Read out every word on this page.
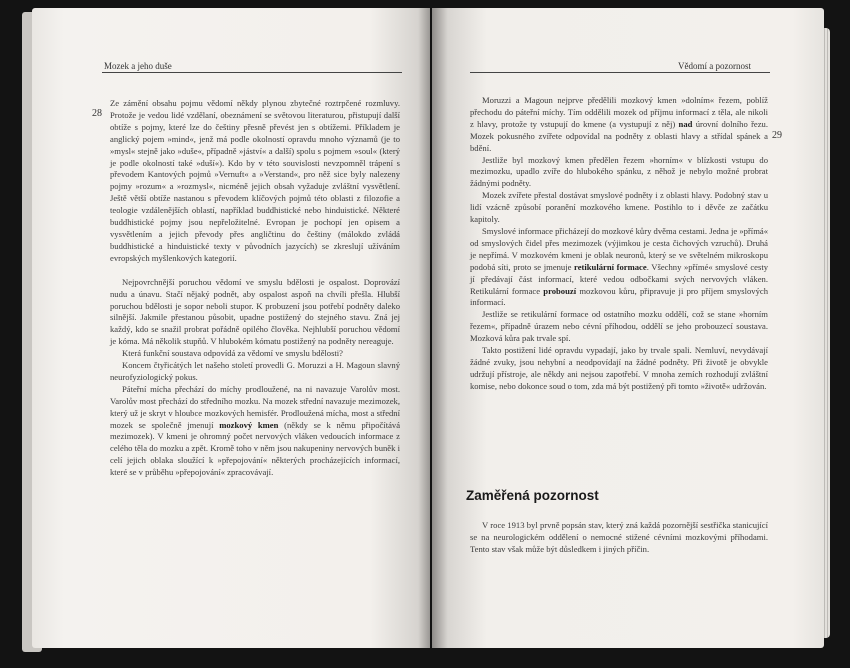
Mozek a jeho duše
28

Ze zámění obsahu pojmu vědomí někdy plynou zbytečné roztrpčené rozmluvy. Protože je vedou lidé vzdělaní, obeznámení se světovou literaturou, přistupují další obtíže s pojmy, které lze do češtiny přesně převést jen s obtížemi. Příkladem je anglický pojem »mind«, jenž má podle okolností opravdu mnoho významů (je to »mysl« stejně jako »duše«, případně »jáství« a další) spolu s pojmem »soul« (který je podle okolností také »duší«). Kdo by v této souvislosti nevzpomněl trápení s převodem Kantových pojmů »Vernuft« a »Verstand«, pro něž sice byly nalezeny pojmy »rozum« a »rozmysl«, nicméně jejich obsah vyžaduje zvláštní vysvětlení. Ještě větší obtíže nastanou s převodem klíčových pojmů této oblasti z filozofie a teologie vzdálenějších oblastí, například buddhistické nebo hinduistické. Některé buddhistické pojmy jsou nepřeložitelné. Evropan je pochopí jen opisem a vysvětlením a jejich převody přes angličtinu do češtiny (málokdo zvládá buddhistické a hinduistické texty v původních jazycích) se zkreslují užíváním evropských myšlenkových kategorií.

Nejpovrchnější poruchou vědomí ve smyslu bdělosti je ospalost. Doprovází nudu a únavu. Stačí nějaký podnět, aby ospalost aspoň na chvíli přešla. Hlubší poruchou bdělosti je sopor neboli stupor. K probuzení jsou potřebí podněty daleko silnější. Jakmile přestanou působit, upadne postižený do stejného stavu. Zná jej každý, kdo se snažil probrat pořádně opilého člověka. Nejhlubší poruchou vědomí je kóma. Má několik stupňů. V hlubokém kómatu postižený na podněty nereaguje.

Která funkční soustava odpovídá za vědomí ve smyslu bdělosti?

Koncem čtyřicátých let našeho století provedli G. Moruzzi a H. Magoun slavný neurofyziologický pokus.

Páteřní mícha přechází do míchy prodloužené, na ni navazuje Varolův most. Varolův most přechází do středního mozku. Na mozek střední navazuje mezimozek, který už je skryt v hloubce mozkových hemisfér. Prodloužená mícha, most a střední mozek se společně jmenují mozkový kmen (někdy se k němu připočítává mezimozek). V kmeni je ohromný počet nervových vláken vedoucích informace z celého těla do mozku a zpět. Kromě toho v něm jsou nakupeniny nervových buněk i celí jejich oblaka sloužící k »přepojování« některých procházejících informací, které se v průběhu »přepojování« zpracovávají.

Vědomí a pozornost
29

Moruzzi a Magoun nejprve předělili mozkový kmen »dolním« řezem, poblíž přechodu do páteřní míchy. Tím oddělili mozek od příjmu informací z těla, ale nikoli z hlavy, protože ty vstupují do kmene (a vystupují z něj) nad úrovní dolního řezu. Mozek pokusného zvířete odpovídal na podněty z oblasti hlavy a střídal spánek a bdění.

Jestliže byl mozkový kmen předělen řezem »horním« v blízkosti vstupu do mezimozku, upadlo zvíře do hlubokého spánku, z něhož je nebylo možné probrat žádnými podněty.

Mozek zvířete přestal dostávat smyslové podněty i z oblasti hlavy. Podobný stav u lidí vzácně způsobí poranění mozkového kmene. Postihlo to i děvče ze začátku kapitoly.

Smyslové informace přicházejí do mozkové kůry dvěma cestami. Jedna je »přímá« od smyslových čidel přes mezimozek (výjimkou je cesta čichových vzruchů). Druhá je nepřímá. V mozkovém kmeni je oblak neuronů, který se ve světelném mikroskopu podobá síti, proto se jmenuje retikulární formace. Všechny »přímé« smyslové cesty jí předávají část informací, které vedou odbočkami svých nervových vláken. Retikulární formace probouzí mozkovou kůru, připravuje ji pro příjem smyslových informací.

Jestliže se retikulární formace od ostatního mozku oddělí, což se stane »horním řezem«, případně úrazem nebo cévní příhodou, oddělí se jeho probouzecí soustava. Mozková kůra pak trvale spí.

Takto postižení lidé opravdu vypadají, jako by trvale spali. Nemluví, nevydávají žádné zvuky, jsou nehybní a neodpovídají na žádné podněty. Při životě je obvykle udržují přístroje, ale někdy ani nejsou zapotřebí. V mnoha zemích rozhodují zvláštní komise, nebo dokonce soud o tom, zda má být postižený při tomto »životě« udržován.

Zaměřená pozornost

V roce 1913 byl prvně popsán stav, který zná každá pozornější sestřička stanicující se na neurologickém oddělení o nemocné stižené cévními mozkovými příhodami. Tento stav však může být důsledkem i jiných příčin.
